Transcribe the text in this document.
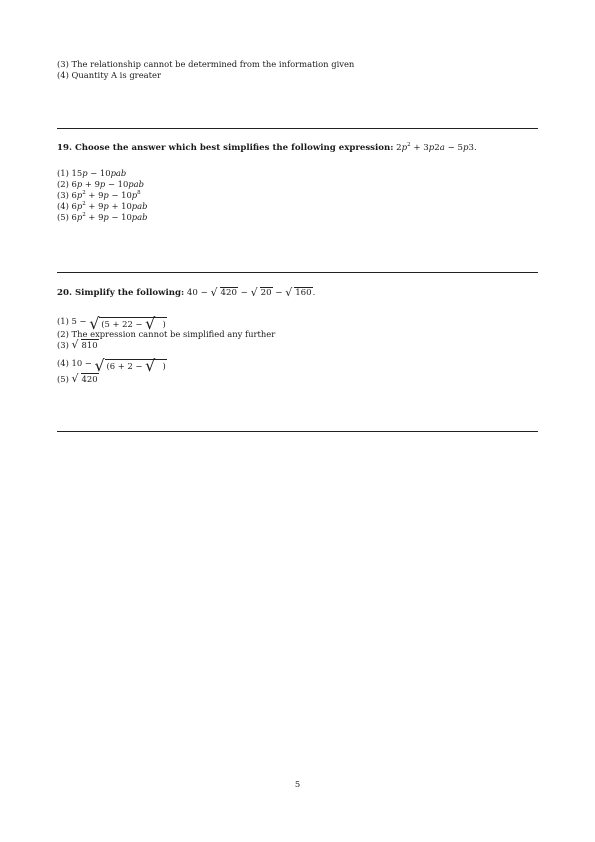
(3) The relationship cannot be determined from the information given
(4) Quantity A is greater
19. Choose the answer which best simplifies the following expression: $2p^2 + 3p2a - 5p3$.
(1) 15p − 10pab
(2) 6p + 9p − 10pab
(3) $6p^2 + 9p - 10p^8$
(4) $6p^2 + 9p + 10pab$
(5) $6p^2 + 9p - 10pab$
20. Simplify the following: 40 − √ 420 − √ 20 − √ 160.
(1) 5 − √ (5 + 22 − √ )
(2) The expression cannot be simplified any further
(3) √ 810
(4) 10 − √ (6 + 2 − √ )
(5) √ 420
5
